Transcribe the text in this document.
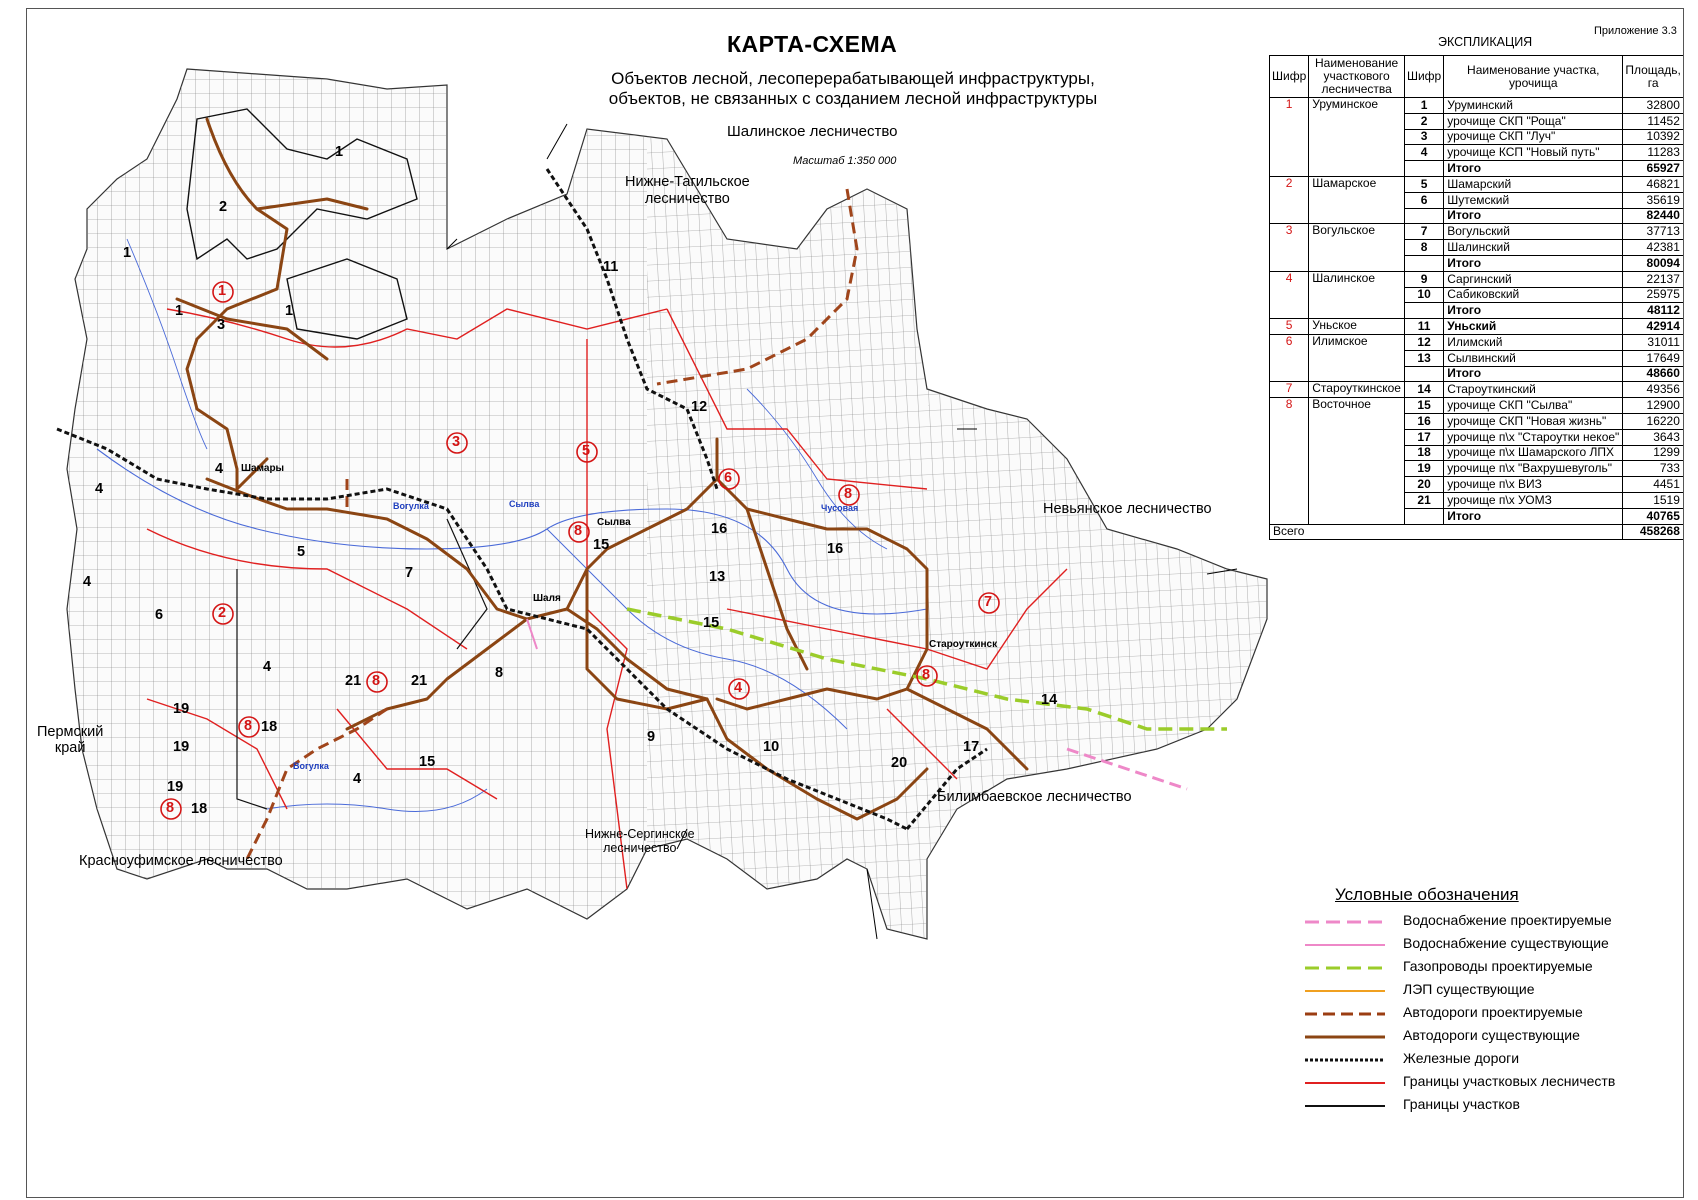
Приложение 3.3
КАРТА-СХЕМА
Объектов лесной, лесоперерабатывающей инфраструктуры,
объектов, не связанных с созданием лесной инфраструктуры
Шалинское лесничество
Масштаб 1:350 000
1
2
3
4
5
6
7
8
8
8
8
8
8
1
1
1	1
2
3
4
4
4
4
4
5
6
7
8
9
10
11
12
13
14
15
15
15
16
16
17
18
18
19
19
19
20
21	21
Нижне-Тагильское
лесничество
Невьянское лесничество
Билимбаевское лесничество
Нижне-Сергинское
лесничество
Красноуфимское лесничество
Пермский
край
Шамары
Сылва
Шаля
Староуткинск
Вогулка	Сылва	Чусовая
Вогулка
ЭКСПЛИКАЦИЯ
Шифр	Наименование участкового лесничества	Шифр	Наименование участка, урочища	Площадь, га
1	Уруминское	1	Уруминский	32800
		2	урочище СКП "Роща"	11452
		3	урочище СКП "Луч"	10392
		4	урочище КСП "Новый путь"	11283
			Итого	65927
2	Шамарское	5	Шамарский	46821
		6	Шутемский	35619
			Итого	82440
3	Вогульское	7	Вогульский	37713
		8	Шалинский	42381
			Итого	80094
4	Шалинское	9	Саргинский	22137
		10	Сабиковский	25975
			Итого	48112
5	Уньское	11	Уньский	42914
6	Илимское	12	Илимский	31011
		13	Сылвинский	17649
			Итого	48660
7	Староуткинское	14	Староуткинский	49356
8	Восточное	15	урочище СКП "Сылва"	12900
		16	урочище СКП "Новая жизнь"	16220
		17	урочище п\х "Староутки некое"	3643
		18	урочище п\х Шамарского ЛПХ	1299
		19	урочище п\х "Вахрушевуголь"	733
		20	урочище п\х ВИЗ	4451
		21	урочище п\х УОМЗ	1519
			Итого	40765
Всего				458268
Условные обозначения
Водоснабжение проектируемые
Водоснабжение существующие
Газопроводы проектируемые
ЛЭП существующие
Автодороги проектируемые
Автодороги существующие
Железные дороги
Границы участковых лесничеств
Границы участков
